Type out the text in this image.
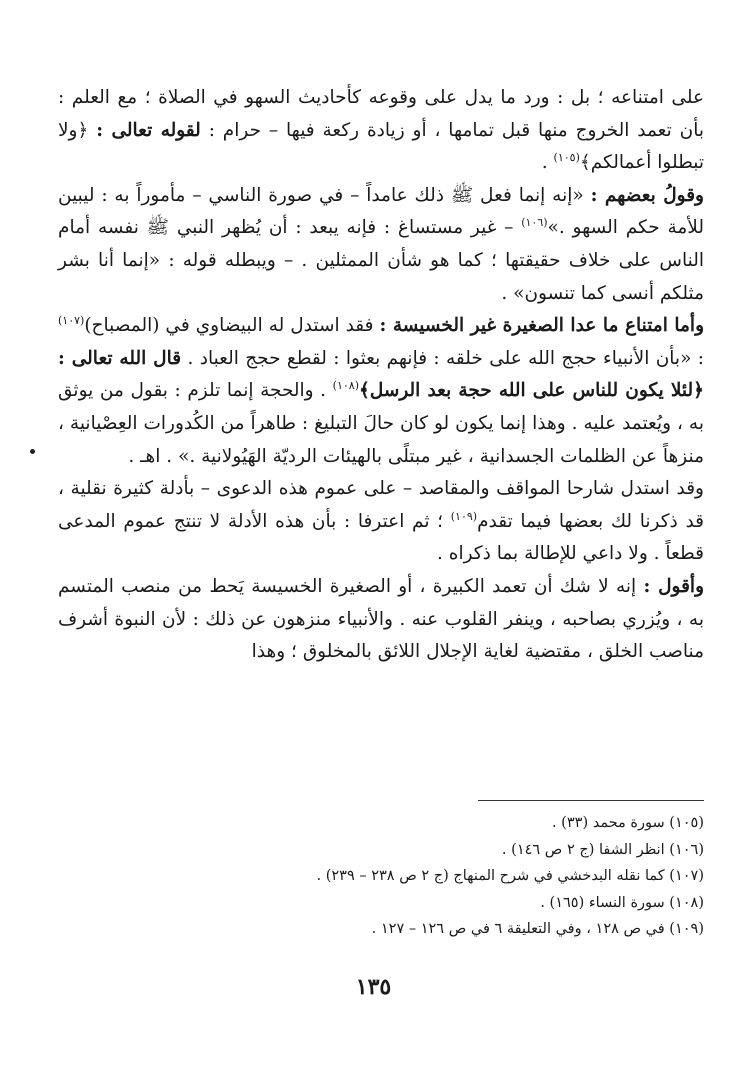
على امتناعه ؛ بل : ورد ما يدل على وقوعه كأحاديث السهو في الصلاة ؛ مع العلم : بأن تعمد الخروج منها قبل تمامها ، أو زيادة ركعة فيها – حرام : لقوله تعالى : ﴿ولا تبطلوا أعمالكم﴾$^{(١٠٥)}$ .

وقولُ بعضهم : «إنه إنما فعل ﷺ ذلك عامداً – في صورة الناسي – مأموراً به : ليبين للأمة حكم السهو .»$^{(١٠٦)}$ – غير مستساغ : فإنه يبعد : أن يُظهر النبي ﷺ نفسه أمام الناس على خلاف حقيقتها ؛ كما هو شأن الممثلين . – ويبطله قوله : «إنما أنا بشر مثلكم أنسى كما تنسون» .

وأما امتناع ما عدا الصغيرة غير الخسيسة : فقد استدل له البيضاوي في (المصباح)$^{(١٠٧)}$ : «بأن الأنبياء حجج الله على خلقه : فإنهم بعثوا : لقطع حجج العباد . قال الله تعالى : ﴿لئلا يكون للناس على الله حجة بعد الرسل﴾$^{(١٠٨)}$ . والحجة إنما تلزم : بقول من يوثق به ، ويُعتمد عليه . وهذا إنما يكون لو كان حالَ التبليغ : طاهراً من الكُدورات العِصْيانية ، منزهاً عن الظلمات الجسدانية ، غير مبتلًى بالهيئات الرديّة الهَيُولانية .» . اهـ .

وقد استدل شارحا المواقف والمقاصد – على عموم هذه الدعوى – بأدلة كثيرة نقلية ، قد ذكرنا لك بعضها فيما تقدم$^{(١٠٩)}$ ؛ ثم اعترفا : بأن هذه الأدلة لا تنتج عموم المدعى قطعاً . ولا داعي للإطالة بما ذكراه .

وأقول : إنه لا شك أن تعمد الكبيرة ، أو الصغيرة الخسيسة يَحط من منصب المتسم به ، ويُزري بصاحبه ، وينفر القلوب عنه . والأنبياء منزهون عن ذلك : لأن النبوة أشرف مناصب الخلق ، مقتضية لغاية الإجلال اللائق بالمخلوق ؛ وهذا

(١٠٥) سورة محمد (٣٣) .
(١٠٦) انظر الشفا (ج ٢ ص ١٤٦) .
(١٠٧) كما نقله البدخشي في شرح المنهاج (ج ٢ ص ٢٣٨ – ٢٣٩) .
(١٠٨) سورة النساء (١٦٥) .
(١٠٩) في ص ١٢٨ ، وفي التعليقة ٦ في ص ١٢٦ – ١٢٧ .
١٣٥
